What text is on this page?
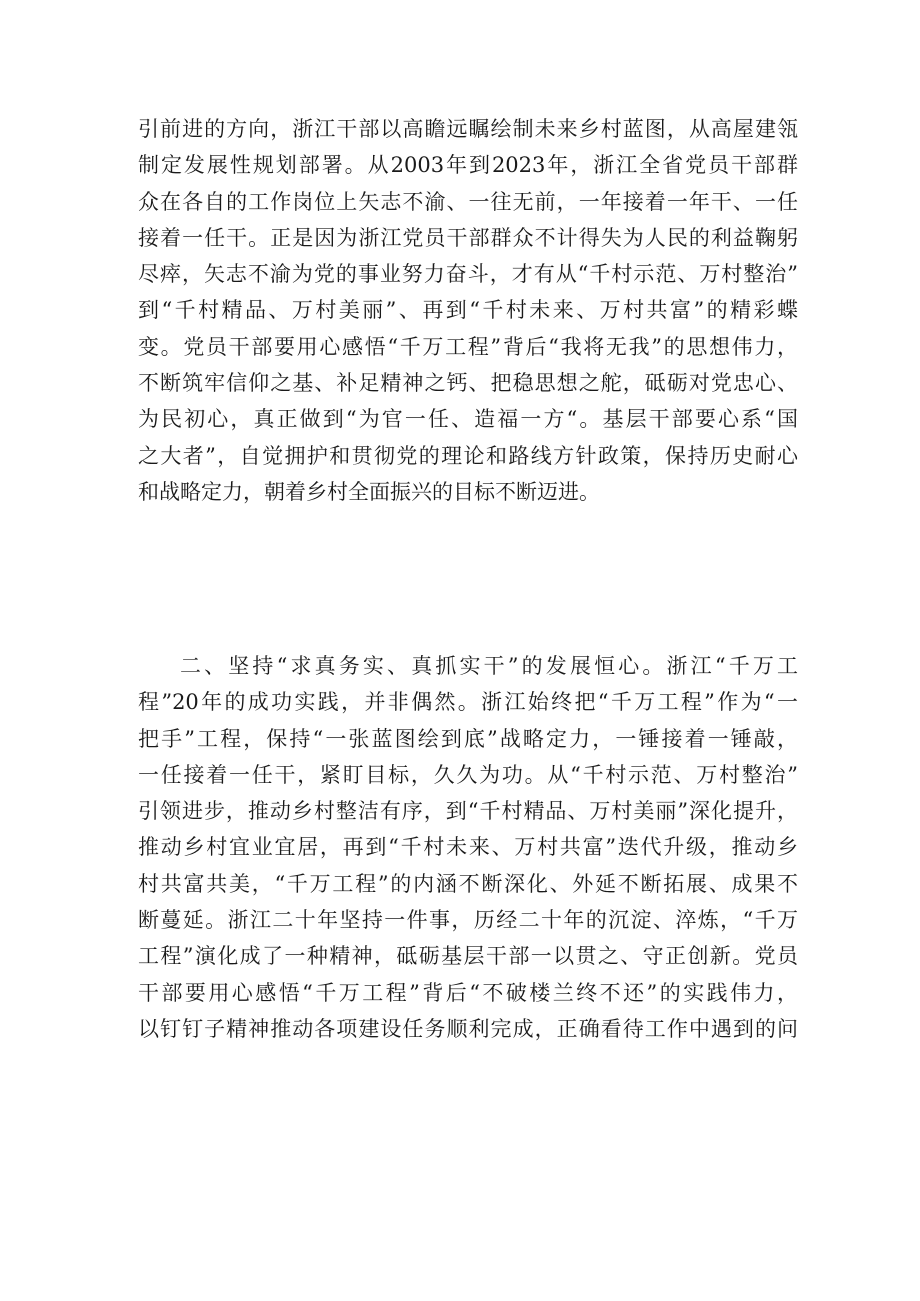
引前进的方向，浙江干部以高瞻远瞩绘制未来乡村蓝图，从高屋建瓴
制定发展性规划部署。从2003年到2023年，浙江全省党员干部群
众在各自的工作岗位上矢志不渝、一往无前，一年接着一年干、一任
接着一任干。正是因为浙江党员干部群众不计得失为人民的利益鞠躬
尽瘁，矢志不渝为党的事业努力奋斗，才有从“千村示范、万村整治”
到“千村精品、万村美丽”、再到“千村未来、万村共富”的精彩蝶
变。党员干部要用心感悟“千万工程”背后“我将无我”的思想伟力，
不断筑牢信仰之基、补足精神之钙、把稳思想之舵，砥砺对党忠心、
为民初心，真正做到“为官一任、造福一方“。基层干部要心系“国
之大者”，自觉拥护和贯彻党的理论和路线方针政策，保持历史耐心
和战略定力，朝着乡村全面振兴的目标不断迈进。
二、坚持“求真务实、真抓实干”的发展恒心。浙江“千万工
程”20年的成功实践，并非偶然。浙江始终把“千万工程”作为“一
把手”工程，保持“一张蓝图绘到底”战略定力，一锤接着一锤敲，
一任接着一任干，紧盯目标，久久为功。从“千村示范、万村整治”
引领进步，推动乡村整洁有序，到“千村精品、万村美丽”深化提升，
推动乡村宜业宜居，再到“千村未来、万村共富”迭代升级，推动乡
村共富共美，“千万工程”的内涵不断深化、外延不断拓展、成果不
断蔓延。浙江二十年坚持一件事，历经二十年的沉淀、淬炼，“千万
工程”演化成了一种精神，砥砺基层干部一以贯之、守正创新。党员
干部要用心感悟“千万工程”背后“不破楼兰终不还”的实践伟力，
以钉钉子精神推动各项建设任务顺利完成，正确看待工作中遇到的问
